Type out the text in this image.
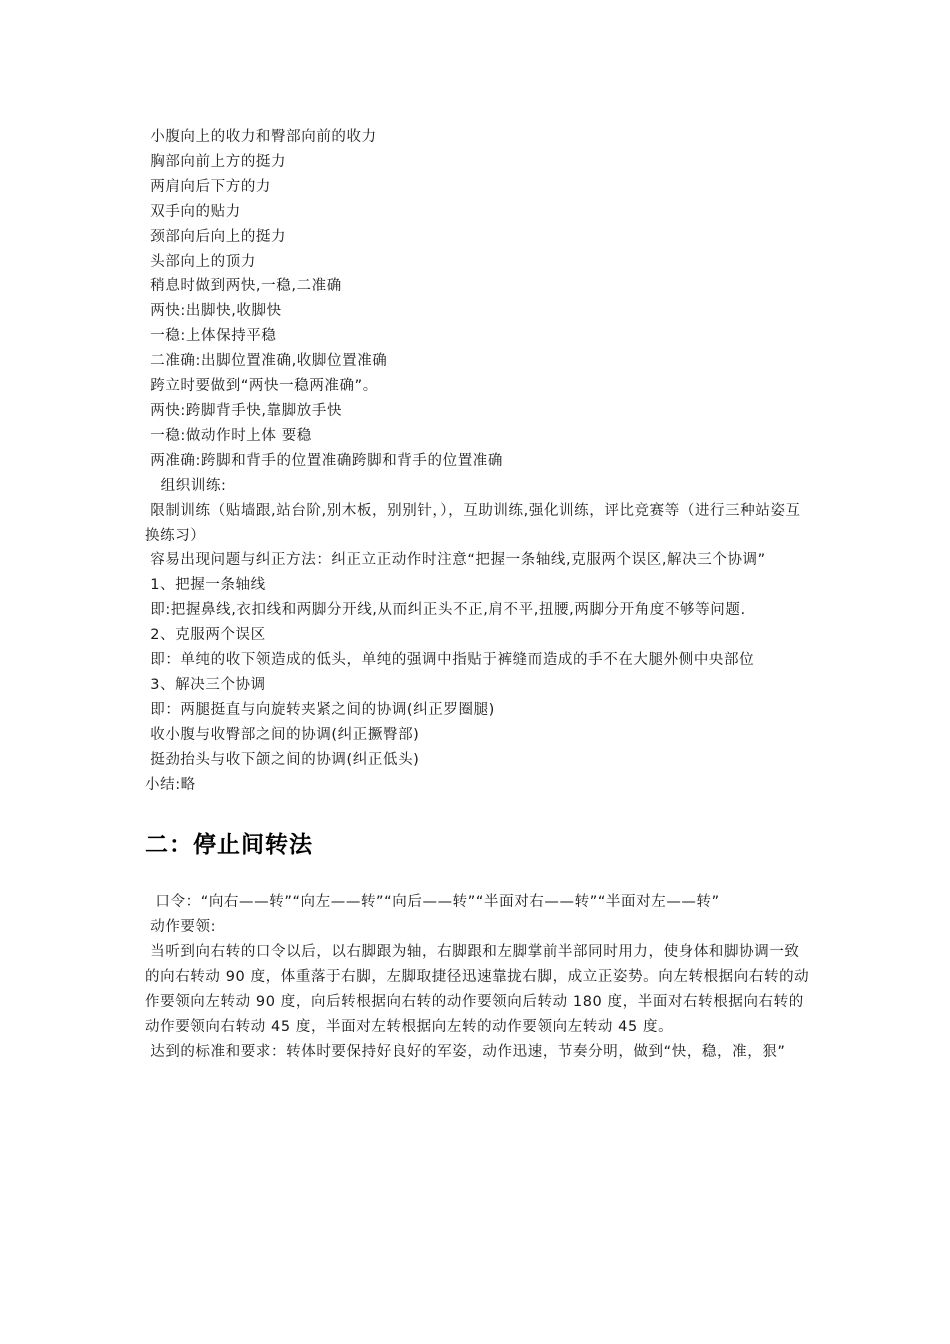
小腹向上的收力和臀部向前的收力

胸部向前上方的挺力

两肩向后下方的力

双手向的贴力

颈部向后向上的挺力

头部向上的顶力

稍息时做到两快,一稳,二准确

两快:出脚快,收脚快

一稳:上体保持平稳

二准确:出脚位置准确,收脚位置准确

跨立时要做到“两快一稳两准确”。

两快:跨脚背手快,靠脚放手快

一稳:做动作时上体 要稳

两准确:跨脚和背手的位置准确跨脚和背手的位置准确

组织训练:

限制训练（贴墙跟,站台阶,别木板，别别针，），互助训练,强化训练，评比竞赛等（进行三种站姿互换练习）

容易出现问题与纠正方法：纠正立正动作时注意“把握一条轴线,克服两个误区,解决三个协调”

1、把握一条轴线

即:把握鼻线,衣扣线和两脚分开线,从而纠正头不正,肩不平,扭腰,两脚分开角度不够等问题.

2、克服两个误区

即：单纯的收下领造成的低头，单纯的强调中指贴于裤缝而造成的手不在大腿外侧中央部位

3、解决三个协调

即：两腿挺直与向旋转夹紧之间的协调(纠正罗圈腿)

收小腹与收臀部之间的协调(纠正撅臀部)

挺劲抬头与收下颌之间的协调(纠正低头)

小结:略

二：停止间转法

口令：“向右——转”“向左——转”“向后——转”“半面对右——转”“半面对左——转”

动作要领:

当听到向右转的口令以后，以右脚跟为轴，右脚跟和左脚掌前半部同时用力，使身体和脚协调一致的向右转动 90 度，体重落于右脚，左脚取捷径迅速靠拢右脚，成立正姿势。向左转根据向右转的动作要领向左转动 90 度，向后转根据向右转的动作要领向后转动 180 度，半面对右转根据向右转的动作要领向右转动 45 度，半面对左转根据向左转的动作要领向左转动 45 度。

达到的标准和要求：转体时要保持好良好的军姿，动作迅速，节奏分明，做到“快，稳，准，狠”
